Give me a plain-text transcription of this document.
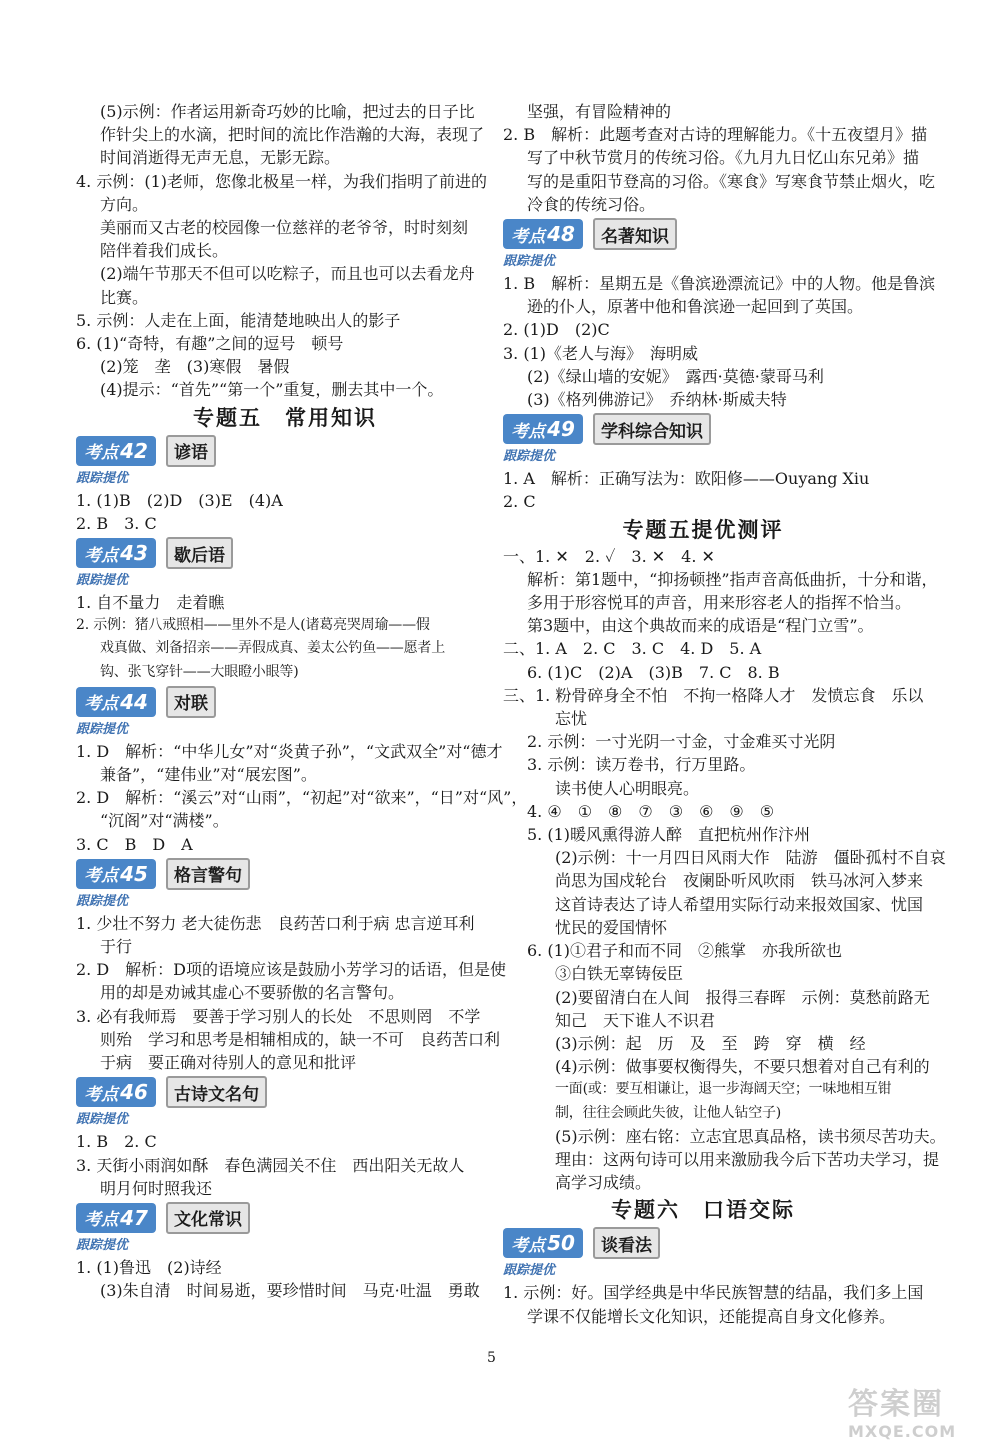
(5)示例：作者运用新奇巧妙的比喻，把过去的日子比
作针尖上的水滴，把时间的流比作浩瀚的大海，表现了
时间消逝得无声无息，无影无踪。
4. 示例：(1)老师，您像北极星一样，为我们指明了前进的
方向。
美丽而又古老的校园像一位慈祥的老爷爷，时时刻刻
陪伴着我们成长。
(2)端午节那天不但可以吃粽子，而且也可以去看龙舟
比赛。
5. 示例：人走在上面，能清楚地映出人的影子
6. (1)“奇特，有趣”之间的逗号　顿号
(2)笼　垄　(3)寒假　暑假
(4)提示：“首先”“第一个”重复，删去其中一个。
专题五　常用知识
考点 42	谚语
跟踪提优
1. (1)B　(2)D　(3)E　(4)A
2. B　3. C
考点 43	歇后语
跟踪提优
1. 自不量力　走着瞧
2. 示例：猪八戒照相——里外不是人(诸葛亮哭周瑜——假
戏真做、刘备招亲——弄假成真、姜太公钓鱼——愿者上
钩、张飞穿针——大眼瞪小眼等)
考点 44	对联
跟踪提优
1. D　解析：“中华儿女”对“炎黄子孙”，“文武双全”对“德才
兼备”，“建伟业”对“展宏图”。
2. D　解析：“溪云”对“山雨”，“初起”对“欲来”，“日”对“风”，
“沉阁”对“满楼”。
3. C　B　D　A
考点 45	格言警句
跟踪提优
1. 少壮不努力 老大徒伤悲　良药苦口利于病 忠言逆耳利
于行
2. D　解析：D项的语境应该是鼓励小芳学习的话语，但是使
用的却是劝诫其虚心不要骄傲的名言警句。
3. 必有我师焉　要善于学习别人的长处　不思则罔　不学
则殆　学习和思考是相辅相成的，缺一不可　良药苦口利
于病　要正确对待别人的意见和批评
考点 46	古诗文名句
跟踪提优
1. B　2. C
3. 天街小雨润如酥　春色满园关不住　西出阳关无故人
明月何时照我还
考点 47	文化常识
跟踪提优
1. (1)鲁迅　(2)诗经
(3)朱自清　时间易逝，要珍惜时间　马克·吐温　勇敢
坚强，有冒险精神的
2. B　解析：此题考查对古诗的理解能力。《十五夜望月》描
写了中秋节赏月的传统习俗。《九月九日忆山东兄弟》描
写的是重阳节登高的习俗。《寒食》写寒食节禁止烟火，吃
冷食的传统习俗。
考点 48	名著知识
跟踪提优
1. B　解析：星期五是《鲁滨逊漂流记》中的人物。他是鲁滨
逊的仆人，原著中他和鲁滨逊一起回到了英国。
2. (1)D　(2)C
3. (1)《老人与海》　海明威
(2)《绿山墙的安妮》　露西·莫德·蒙哥马利
(3)《格列佛游记》　乔纳林·斯威夫特
考点 49	学科综合知识
跟踪提优
1. A　解析：正确写法为：欧阳修——Ouyang Xiu
2. C
专题五提优测评
一、1. ✕　2. ✓　3. ✕　4. ✕
解析：第1题中，“抑扬顿挫”指声音高低曲折，十分和谐，
多用于形容悦耳的声音，用来形容老人的指挥不恰当。
第3题中，由这个典故而来的成语是“程门立雪”。
二、1. A　2. C　3. C　4. D　5. A
6. (1)C　(2)A　(3)B　7. C　8. B
三、1. 粉骨碎身全不怕　不拘一格降人才　发愤忘食　乐以
忘忧
2. 示例：一寸光阴一寸金，寸金难买寸光阴
3. 示例：读万卷书，行万里路。
读书使人心明眼亮。
4. ④　①　⑧　⑦　③　⑥　⑨　⑤
5. (1)暖风熏得游人醉　直把杭州作汴州
(2)示例：十一月四日风雨大作　陆游　僵卧孤村不自哀
尚思为国戍轮台　夜阑卧听风吹雨　铁马冰河入梦来
这首诗表达了诗人希望用实际行动来报效国家、忧国
忧民的爱国情怀
6. (1)①君子和而不同　②熊掌　亦我所欲也
③白铁无辜铸佞臣
(2)要留清白在人间　报得三春晖　示例：莫愁前路无
知己　天下谁人不识君
(3)示例：起　历　及　至　跨　穿　横　经
(4)示例：做事要权衡得失，不要只想着对自己有利的
一面(或：要互相谦让，退一步海阔天空；一味地相互钳
制，往往会顾此失彼，让他人钻空子)
(5)示例：座右铭：立志宜思真品格，读书须尽苦功夫。
理由：这两句诗可以用来激励我今后下苦功夫学习，提
高学习成绩。
专题六　口语交际
考点 50	谈看法
跟踪提优
1. 示例：好。国学经典是中华民族智慧的结晶，我们多上国
学课不仅能增长文化知识，还能提高自身文化修养。
5
答案圈
MXQE.COM
